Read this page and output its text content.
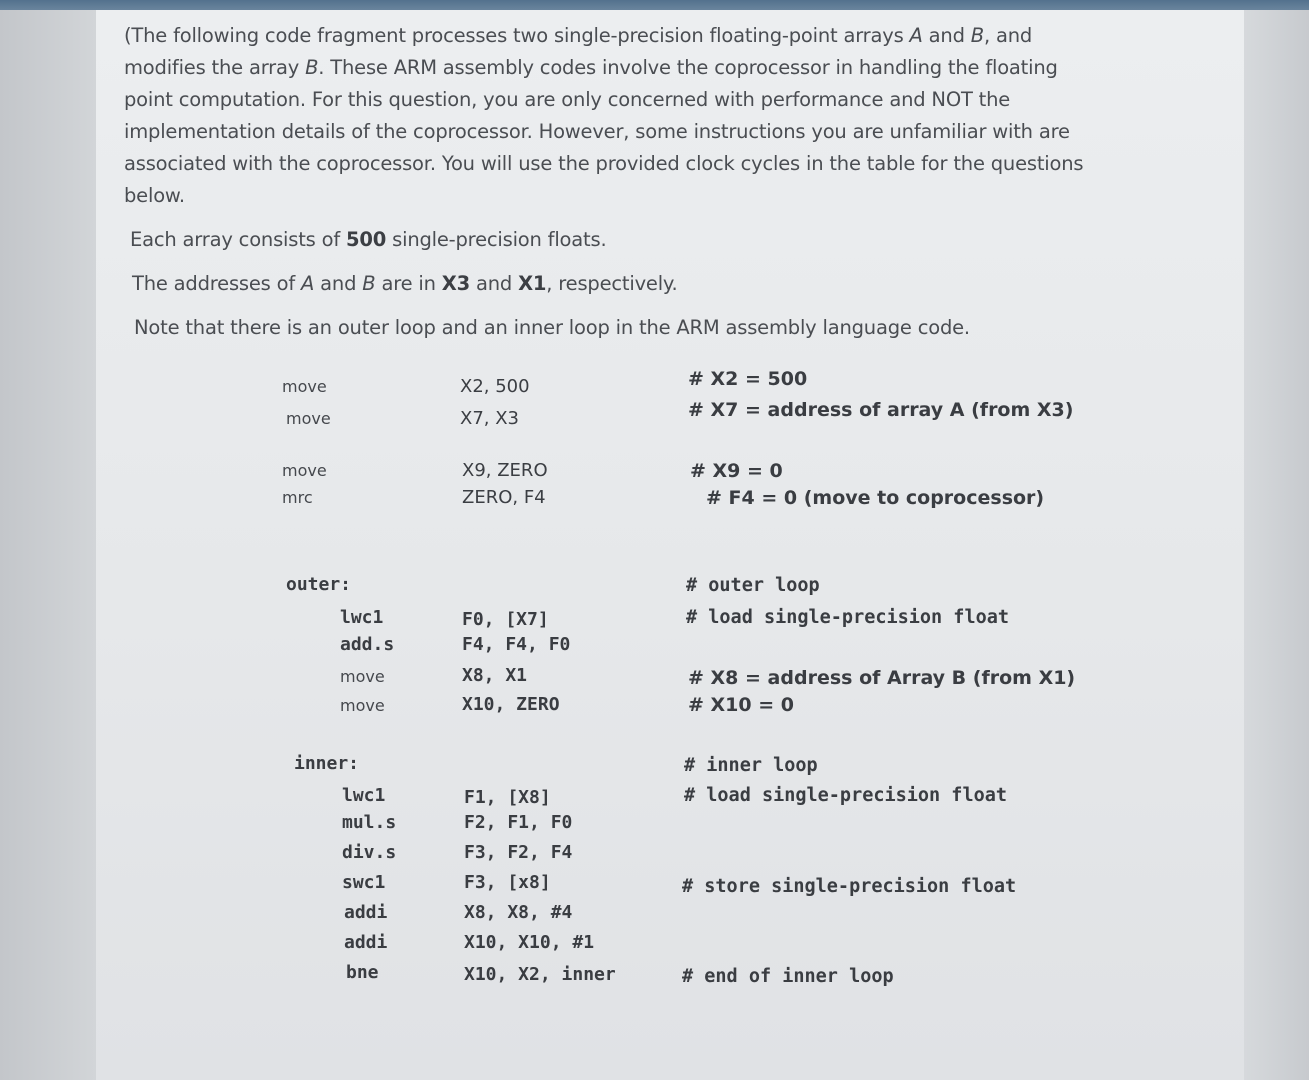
(The following code fragment processes two single-precision floating-point arrays A and B, and modifies the array B. These ARM assembly codes involve the coprocessor in handling the floating point computation. For this question, you are only concerned with performance and NOT the implementation details of the coprocessor. However, some instructions you are unfamiliar with are associated with the coprocessor. You will use the provided clock cycles in the table for the questions below.

Each array consists of 500 single-precision floats.

The addresses of A and B are in X3 and X1, respectively.

Note that there is an outer loop and an inner loop in the ARM assembly language code.

move	X2, 500	# X2 = 500
move	X7, X3	# X7 = address of array A (from X3)
move	X9, ZERO	# X9 = 0
mrc	ZERO, F4	# F4 = 0 (move to coprocessor)
outer:	# outer loop
lwc1	F0, [X7]	# load single-precision float
add.s	F4, F4, F0
move	X8, X1	# X8 = address of Array B (from X1)
move	X10, ZERO	# X10 = 0
inner:	# inner loop
lwc1	F1, [X8]	# load single-precision float
mul.s	F2, F1, F0
div.s	F3, F2, F4
swc1	F3, [x8]	# store single-precision float
addi	X8, X8, #4
addi	X10, X10, #1
bne	X10, X2, inner	# end of inner loop
